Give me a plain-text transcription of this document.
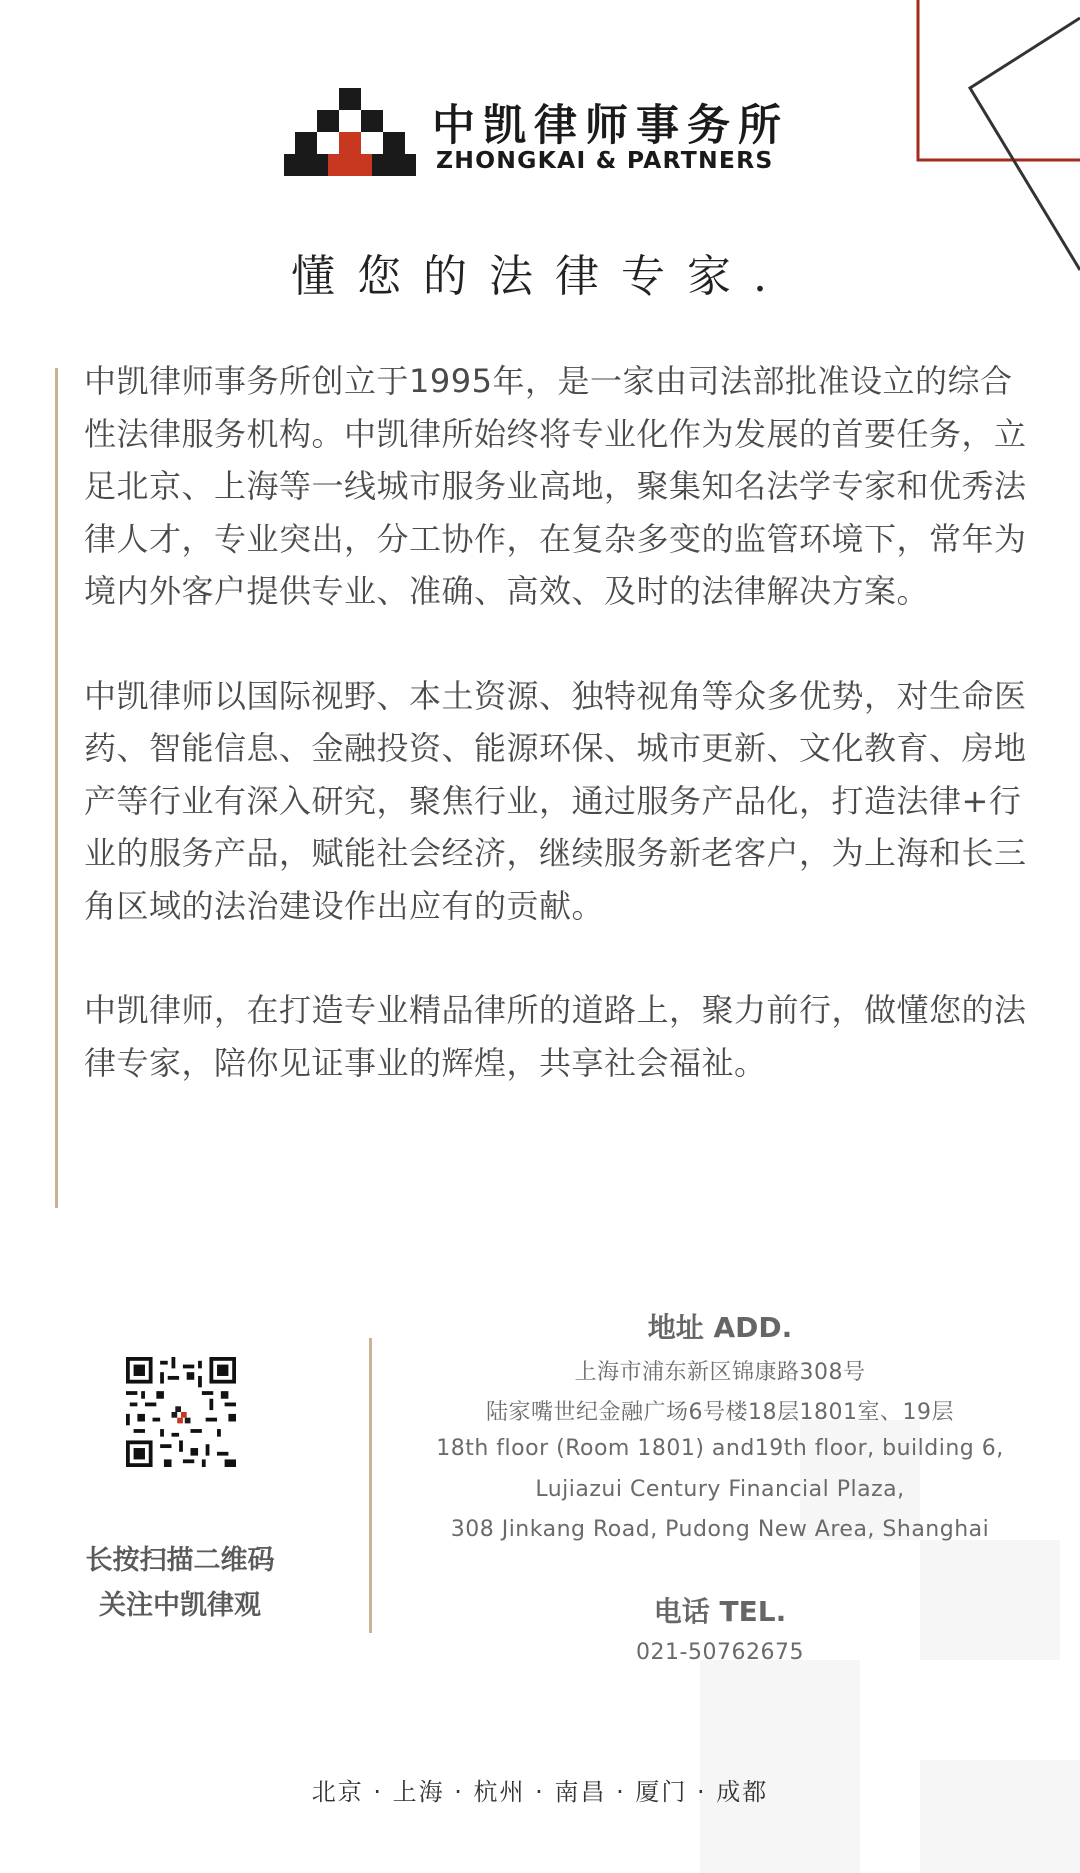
中凯律师事务所
ZHONGKAI & PARTNERS
懂您的法律专家.

中凯律师事务所创立于1995年，是一家由司法部批准设立的综合性法律服务机构。中凯律所始终将专业化作为发展的首要任务，立足北京、上海等一线城市服务业高地，聚集知名法学专家和优秀法律人才，专业突出，分工协作，在复杂多变的监管环境下，常年为境内外客户提供专业、准确、高效、及时的法律解决方案。

中凯律师以国际视野、本土资源、独特视角等众多优势，对生命医药、智能信息、金融投资、能源环保、城市更新、文化教育、房地产等行业有深入研究，聚焦行业，通过服务产品化，打造法律+行业的服务产品，赋能社会经济，继续服务新老客户，为上海和长三角区域的法治建设作出应有的贡献。

中凯律师，在打造专业精品律所的道路上，聚力前行，做懂您的法律专家，陪你见证事业的辉煌，共享社会福祉。

长按扫描二维码
关注中凯律观
地址 ADD.
上海市浦东新区锦康路308号
陆家嘴世纪金融广场6号楼18层1801室、19层
18th floor (Room 1801) and19th floor, building 6,
Lujiazui Century Financial Plaza,
308 Jinkang Road, Pudong New Area, Shanghai
电话 TEL.
021-50762675
北京 · 上海 · 杭州 · 南昌 · 厦门 · 成都
